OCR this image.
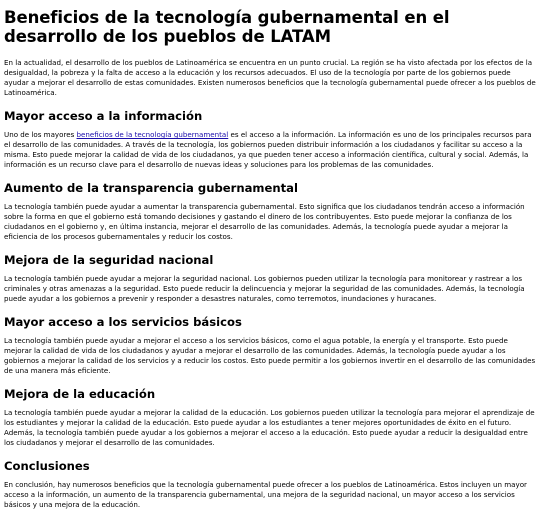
Beneficios de la tecnología gubernamental en el desarrollo de los pueblos de LATAM

En la actualidad, el desarrollo de los pueblos de Latinoamérica se encuentra en un punto crucial. La región se ha visto afectada por los efectos de la desigualdad, la pobreza y la falta de acceso a la educación y los recursos adecuados. El uso de la tecnología por parte de los gobiernos puede ayudar a mejorar el desarrollo de estas comunidades. Existen numerosos beneficios que la tecnología gubernamental puede ofrecer a los pueblos de Latinoamérica.

Mayor acceso a la información

Uno de los mayores beneficios de la tecnología gubernamental es el acceso a la información. La información es uno de los principales recursos para el desarrollo de las comunidades. A través de la tecnología, los gobiernos pueden distribuir información a los ciudadanos y facilitar su acceso a la misma. Esto puede mejorar la calidad de vida de los ciudadanos, ya que pueden tener acceso a información científica, cultural y social. Además, la información es un recurso clave para el desarrollo de nuevas ideas y soluciones para los problemas de las comunidades.

Aumento de la transparencia gubernamental

La tecnología también puede ayudar a aumentar la transparencia gubernamental. Esto significa que los ciudadanos tendrán acceso a información sobre la forma en que el gobierno está tomando decisiones y gastando el dinero de los contribuyentes. Esto puede mejorar la confianza de los ciudadanos en el gobierno y, en última instancia, mejorar el desarrollo de las comunidades. Además, la tecnología puede ayudar a mejorar la eficiencia de los procesos gubernamentales y reducir los costos.

Mejora de la seguridad nacional

La tecnología también puede ayudar a mejorar la seguridad nacional. Los gobiernos pueden utilizar la tecnología para monitorear y rastrear a los criminales y otras amenazas a la seguridad. Esto puede reducir la delincuencia y mejorar la seguridad de las comunidades. Además, la tecnología puede ayudar a los gobiernos a prevenir y responder a desastres naturales, como terremotos, inundaciones y huracanes.

Mayor acceso a los servicios básicos

La tecnología también puede ayudar a mejorar el acceso a los servicios básicos, como el agua potable, la energía y el transporte. Esto puede mejorar la calidad de vida de los ciudadanos y ayudar a mejorar el desarrollo de las comunidades. Además, la tecnología puede ayudar a los gobiernos a mejorar la calidad de los servicios y a reducir los costos. Esto puede permitir a los gobiernos invertir en el desarrollo de las comunidades de una manera más eficiente.

Mejora de la educación

La tecnología también puede ayudar a mejorar la calidad de la educación. Los gobiernos pueden utilizar la tecnología para mejorar el aprendizaje de los estudiantes y mejorar la calidad de la educación. Esto puede ayudar a los estudiantes a tener mejores oportunidades de éxito en el futuro. Además, la tecnología también puede ayudar a los gobiernos a mejorar el acceso a la educación. Esto puede ayudar a reducir la desigualdad entre los ciudadanos y mejorar el desarrollo de las comunidades.

Conclusiones

En conclusión, hay numerosos beneficios que la tecnología gubernamental puede ofrecer a los pueblos de Latinoamérica. Estos incluyen un mayor acceso a la información, un aumento de la transparencia gubernamental, una mejora de la seguridad nacional, un mayor acceso a los servicios básicos y una mejora de la educación.
